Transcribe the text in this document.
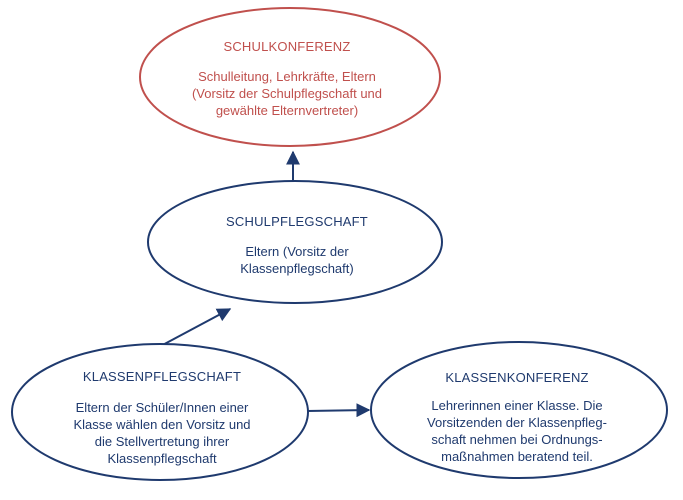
SCHULKONFERENZ
Schulleitung, Lehrkräfte, Eltern
(Vorsitz der Schulpflegschaft und
gewählte Elternvertreter)
SCHULPFLEGSCHAFT
Eltern (Vorsitz der
Klassenpflegschaft)
KLASSENPFLEGSCHAFT
Eltern der Schüler/Innen einer
Klasse wählen den Vorsitz und
die Stellvertretung ihrer
Klassenpflegschaft
KLASSENKONFERENZ
Lehrerinnen einer Klasse. Die
Vorsitzenden der Klassenpfleg-
schaft nehmen bei Ordnungs-
maßnahmen beratend teil.
